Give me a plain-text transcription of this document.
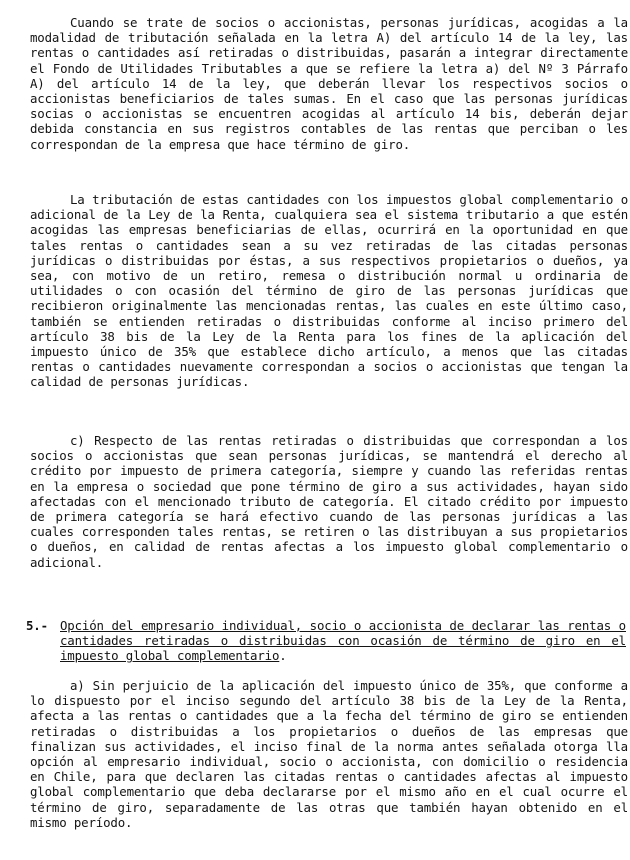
Cuando se trate de socios o accionistas, personas jurídicas, acogidas a la modalidad de tributación señalada en la letra A) del artículo 14 de la ley, las rentas o cantidades así retiradas o distribuidas, pasarán a integrar directamente el Fondo de Utilidades Tributables a que se refiere la letra a) del Nº 3 Párrafo A) del artículo 14 de la ley, que deberán llevar los respectivos socios o accionistas beneficiarios de tales sumas. En el caso que las personas jurídicas socias o accionistas se encuentren acogidas al artículo 14 bis, deberán dejar debida constancia en sus registros contables de las rentas que perciban o les correspondan de la empresa que hace término de giro.

La tributación de estas cantidades con los impuestos global complementario o adicional de la Ley de la Renta, cualquiera sea el sistema tributario a que estén acogidas las empresas beneficiarias de ellas, ocurrirá en la oportunidad en que tales rentas o cantidades sean a su vez retiradas de las citadas personas jurídicas o distribuidas por éstas, a sus respectivos propietarios o dueños, ya sea, con motivo de un retiro, remesa o distribución normal u ordinaria de utilidades o con ocasión del término de giro de las personas jurídicas que recibieron originalmente las mencionadas rentas, las cuales en este último caso, también se entienden retiradas o distribuidas conforme al inciso primero del artículo 38 bis de la Ley de la Renta para los fines de la aplicación del impuesto único de 35% que establece dicho artículo, a menos que las citadas rentas o cantidades nuevamente correspondan a socios o accionistas que tengan la calidad de personas jurídicas.

c) Respecto de las rentas retiradas o distribuidas que correspondan a los socios o accionistas que sean personas jurídicas, se mantendrá el derecho al crédito por impuesto de primera categoría, siempre y cuando las referidas rentas en la empresa o sociedad que pone término de giro a sus actividades, hayan sido afectadas con el mencionado tributo de categoría. El citado crédito por impuesto de primera categoría se hará efectivo cuando de las personas jurídicas a las cuales corresponden tales rentas, se retiren o las distribuyan a sus propietarios o dueños, en calidad de rentas afectas a los impuesto global complementario o adicional.

5.- Opción del empresario individual, socio o accionista de declarar las rentas o cantidades retiradas o distribuidas con ocasión de término de giro en el impuesto global complementario.

a) Sin perjuicio de la aplicación del impuesto único de 35%, que conforme a lo dispuesto por el inciso segundo del artículo 38 bis de la Ley de la Renta, afecta a las rentas o cantidades que a la fecha del término de giro se entienden retiradas o distribuidas a los propietarios o dueños de las empresas que finalizan sus actividades, el inciso final de la norma antes señalada otorga lla opción al empresario individual, socio o accionista, con domicilio o residencia en Chile, para que declaren las citadas rentas o cantidades afectas al impuesto global complementario que deba declararse por el mismo año en el cual ocurre el término de giro, separadamente de las otras que también hayan obtenido en el mismo período.
